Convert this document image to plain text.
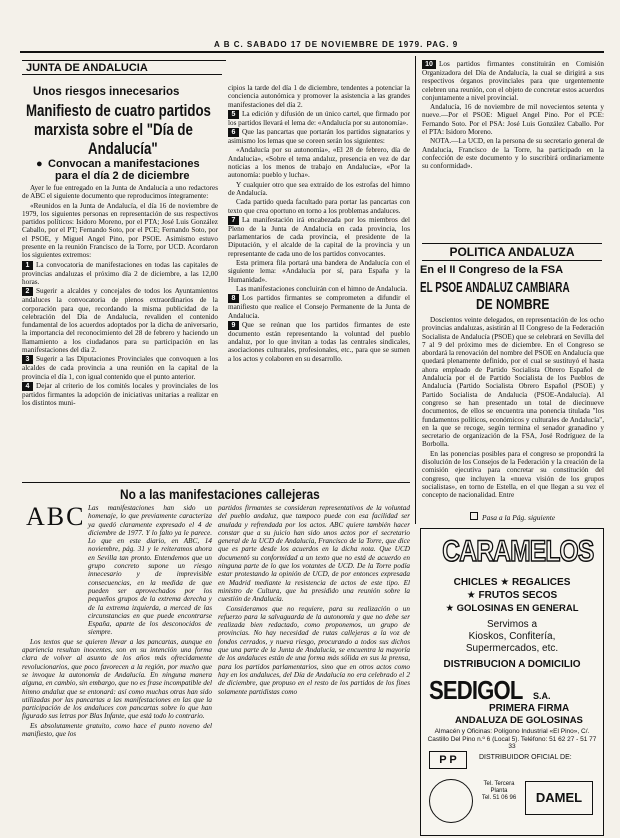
A B C. SABADO 17 DE NOVIEMBRE DE 1979. PAG. 9
JUNTA DE ANDALUCIA
Unos riesgos innecesarios
Manifiesto de cuatro partidos
marxista sobre el "Día de
Andalucía"
● Convocan a manifestaciones
para el día 2 de diciembre

Ayer le fue entregado en la Junta de Andalucía a uno redactores de ABC el siguiente documento que reproducimos íntegramente:

«Reunidos en la Junta de Andalucía, el día 16 de noviembre de 1979, los siguientes personas en representación de sus respectivos partidos políticos: Isidoro Moreno, por el PTA; José Luis González Caballo, por el PT; Fernando Soto, por el PCE; Fernando Soto, por el PSOE, y Miguel Angel Pino, por PSOE. Asimismo estuvo presente en la reunión Francisco de la Torre, por UCD. Acordaron los siguientes extremos:

1 La convocatoria de manifestaciones en todas las capitales de provincias andaluzas el próximo día 2 de diciembre, a las 12,00 horas.

2 Sugerir a alcaldes y concejales de todos los Ayuntamientos andaluces la convocatoria de plenos extraordinarios de la corporación para que, recordando la misma publicidad de la celebración del Día de Andalucía, revaliden el contenido fundamental de los acuerdos adoptados por la dicha de aniversario, la importancia del reconocimiento del 28 de febrero y haciendo un llamamiento a los ciudadanos para su participación en las manifestaciones del día 2.

3 Sugerir a las Diputaciones Provinciales que convoquen a los alcaldes de cada provincia a una reunión en la capital de la provincia el día 1, con igual contenido que el punto anterior.

4 Dejar al criterio de los comités locales y provinciales de los partidos firmantes la adopción de iniciativas unitarias a realizar en los distintos muni-

cipios la tarde del día 1 de diciembre, tendentes a potenciar la conciencia autonómica y promover la asistencia a las grandes manifestaciones del día 2.

5 La edición y difusión de un único cartel, que firmado por los partidos llevará el lema de: «Andalucía por su autonomía».

6 Que las pancartas que portarán los partidos signatarios y asimismo los lemas que se coreen serán los siguientes:

«Andalucía por su autonomía», «El 28 de febrero, día de Andalucía», «Sobre el tema andaluz, presencia en vez de dar noticias a los menos de trabajo en Andalucía», «Por la autonomía: pueblo y lucha».

Y cualquier otro que sea extraído de los estrofas del himno de Andalucía.

Cada partido queda facultado para portar las pancartas con texto que crea oportuno en torno a los problemas andaluces.

7 La manifestación irá encabezada por los miembros del Pleno de la Junta de Andalucía en cada provincia, los parlamentarios de cada provincia, el presidente de la Diputación, y el alcalde de la capital de la provincia y un representante de cada uno de los partidos convocantes.

Esta primera fila portará una bandera de Andalucía con el siguiente lema: «Andalucía por sí, para España y la Humanidad».

Las manifestaciones concluirán con el himno de Andalucía.

8 Los partidos firmantes se comprometen a difundir el manifiesto que realice el Consejo Permanente de la Junta de Andalucía.

9 Que se reúnan que los partidos firmantes de este documento están representando la voluntad del pueblo andaluz, por lo que invitan a todas las centrales sindicales, asociaciones culturales, profesionales, etc., para que se sumen a los actos y colaboren en su desarrollo.

10 Los partidos firmantes constituirán en Comisión Organizadora del Día de Andalucía, la cual se dirigirá a sus respectivos órganos provinciales para que urgentemente celebren una reunión, con el objeto de concretar estos acuerdos conjuntamente a nivel provincial.

Andalucía, 16 de noviembre de mil novecientos setenta y nueve.—Por el PSOE: Miguel Angel Pino. Por el PCE: Fernando Soto. Por el PSA: José Luis González Caballo. Por el PTA: Isidoro Moreno.

NOTA.—La UCD, en la persona de su secretario general de Andalucía, Francisco de la Torre, ha participado en la confección de este documento y lo suscribirá ordinariamente su conformidad».

POLITICA ANDALUZA
En el II Congreso de la FSA
EL PSOE ANDALUZ CAMBIARA
DE NOMBRE

Doscientos veinte delegados, en representación de los ocho provincias andaluzas, asistirán al II Congreso de la Federación Socialista de Andalucía (PSOE) que se celebrará en Sevilla del 7 al 9 del próximo mes de diciembre. En el Congreso se abordará la renovación del nombre del PSOE en Andalucía que quedará plenamente definido, por el cual se sustituyó el hasta ahora empleado de Partido Socialista Obrero Español de Andalucía por el de Partido Socialista de los Pueblos de Andalucía (Partido Socialista Obrero Español (PSOE) y Partido Socialista de Andalucía (PSOE-Andalucía). Al congreso se han presentado un total de diecinueve documentos, de ellos se encuentra una ponencia titulada "los fundamentos políticos, económicos y culturales de Andalucía", en la que se recoge, según termina el senador granadino y secretario de organización de la FSA, José Rodríguez de la Borbolla.

En las ponencias posibles para el congreso se propondrá la disolución de los Consejos de la Federación y la creación de la comisión ejecutiva para concretar su constitución del congreso, que incluyen la «nueva visión de los grupos socialistas», en torno de Estella, en el que llegan a su vez el concepto de nacionalidad. Entre

Pasa a la Pág. siguiente
No a las manifestaciones callejeras
ABC

Las manifestaciones han sido un homenaje, lo que previamente caracteriza ya quedó claramente expresado el 4 de diciembre de 1977. Y lo falto ya le parece. Lo que en este diario, en ABC, 14 noviembre, pág. 31 y le reiteramos ahora en Sevilla tan pronto. Entendemos que un grupo concreto supone un riesgo innecesario y de imprevisible consecuencias, en la medida de que pueden ser aprovechados por los pequeños grupos de la extrema derecha y de la extrema izquierda, a merced de las circunstancias en que puede encontrarse España, aparte de los desconocidos de siempre.

Los textos que se quieren llevar a las pancartas, aunque en apariencia resultan inocentes, son en su intención una forma clara de volver al asunto de los años más ofrecidamente revolucionarios, que poco favorecen a la región, por mucho que se invoque la autonomía de Andalucía. En ninguna manera alguna, en cambio, sin embargo, que no es frase incompatible del himno andaluz que se entonará: así como muchas otras han sido utilizadas por las pancartas a las manifestaciones en las que la participación de los andaluces con pancartas sobre lo que han figurado sus letras por Blas Infante, que está todo lo contrario.

Es absolutamente gratuito, como hace el punto noveno del manifiesto, que los

partidos firmantes se consideran representativos de la voluntad del pueblo andaluz, que tampoco puede con esa facilidad ser anulada y refrendada por los actos. ABC quiere también hacer constar que a su juicio han sido unos actos por el secretario general de la UCD de Andalucía, Francisco de la Torre, que dice que es parte desde los acuerdos en la dicha nota. Que UCD documentó su conformidad a un texto que no está de acuerdo en ninguna parte de lo que los votantes de UCD. De la Torre podía estar protestando la opinión de UCD, de por entonces expresada en Madrid mediante la resistencia de actos de este tipo. El ministro de Cultura, que ha presidido una reunión sobre la cuestión de Andalucía.

Consideramos que no requiere, para su realización o un refuerzo para la salvaguarda de la autonomía y que no debe ser realizada bien redactado, como proponemos, un grupo de provincias. No hay necesidad de rutas callejeras a la voz de fondos cerrados, y nueva riesgo, procurando a todos sus dichos que una parte de la Junta de Andalucía, se encuentra la mayoría de los andaluces están de una forma más sólida en sus la prensa, para los partidos parlamentarios, sino que en otros actos como hay en los andaluces, del Día de Andalucía no era celebrado el 2 de diciembre, que propuso en el resto de los partidos de los fines solamente partidistas como

CARAMELOS
CHICLES ★ REGALICES
★ FRUTOS SECOS
★ GOLOSINAS EN GENERAL
Servimos a
Kioskos, Confitería,
Supermercados, etc.
DISTRIBUCION A DOMICILIO
SEDIGOL S.A.
PRIMERA FIRMA
ANDALUZA DE GOLOSINAS
Almacén y Oficinas: Polígono Industrial «El Pino», C/. Castillo Del Pino n.º 6 (Local 5). Teléfono: 51 62 27 - 51 77 33
P P	DISTRIBUIDOR OFICIAL DE:
Tel. Tercera Planta
Tel. 51 06 96	DAMEL
